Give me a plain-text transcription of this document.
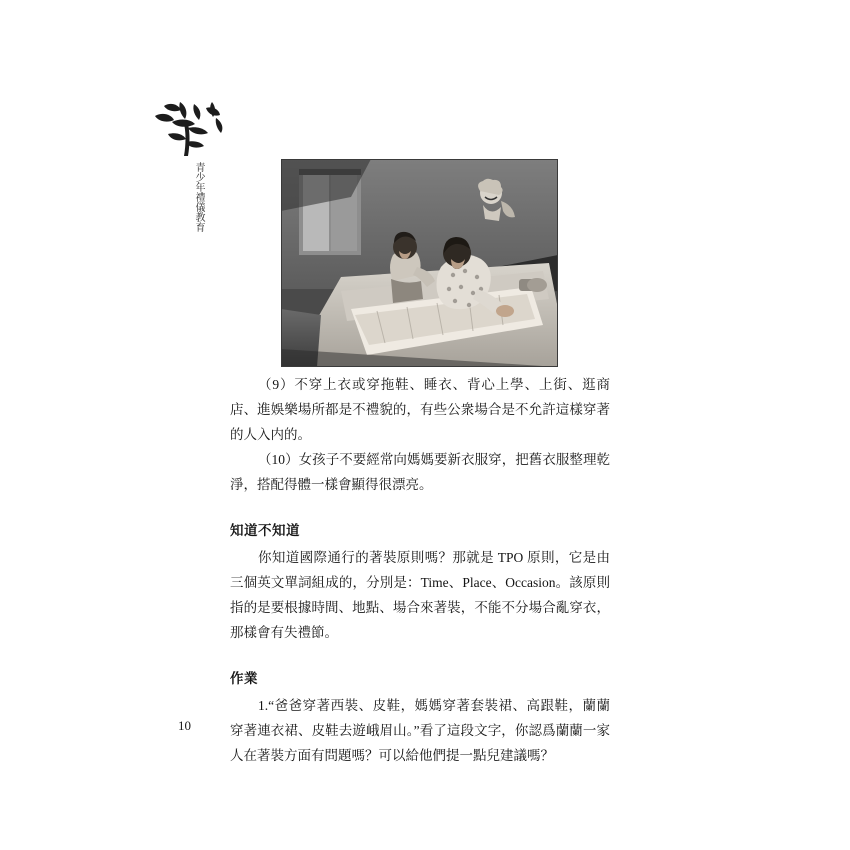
青少年禮儀教育

（9）不穿上衣或穿拖鞋、睡衣、背心上學、上街、逛商店、進娛樂場所都是不禮貌的，有些公衆場合是不允許這樣穿著的人入内的。

（10）女孩子不要經常向媽媽要新衣服穿，把舊衣服整理乾淨，搭配得體一樣會顯得很漂亮。

知道不知道

你知道國際通行的著裝原則嗎？那就是 TPO 原則，它是由三個英文單詞組成的，分別是：Time、Place、Occasion。該原則指的是要根據時間、地點、場合來著裝，不能不分場合亂穿衣，那樣會有失禮節。

作業

1.“爸爸穿著西裝、皮鞋，媽媽穿著套裝裙、高跟鞋，蘭蘭穿著連衣裙、皮鞋去遊峨眉山。”看了這段文字，你認爲蘭蘭一家人在著裝方面有問題嗎？可以給他們提一點兒建議嗎？

10
